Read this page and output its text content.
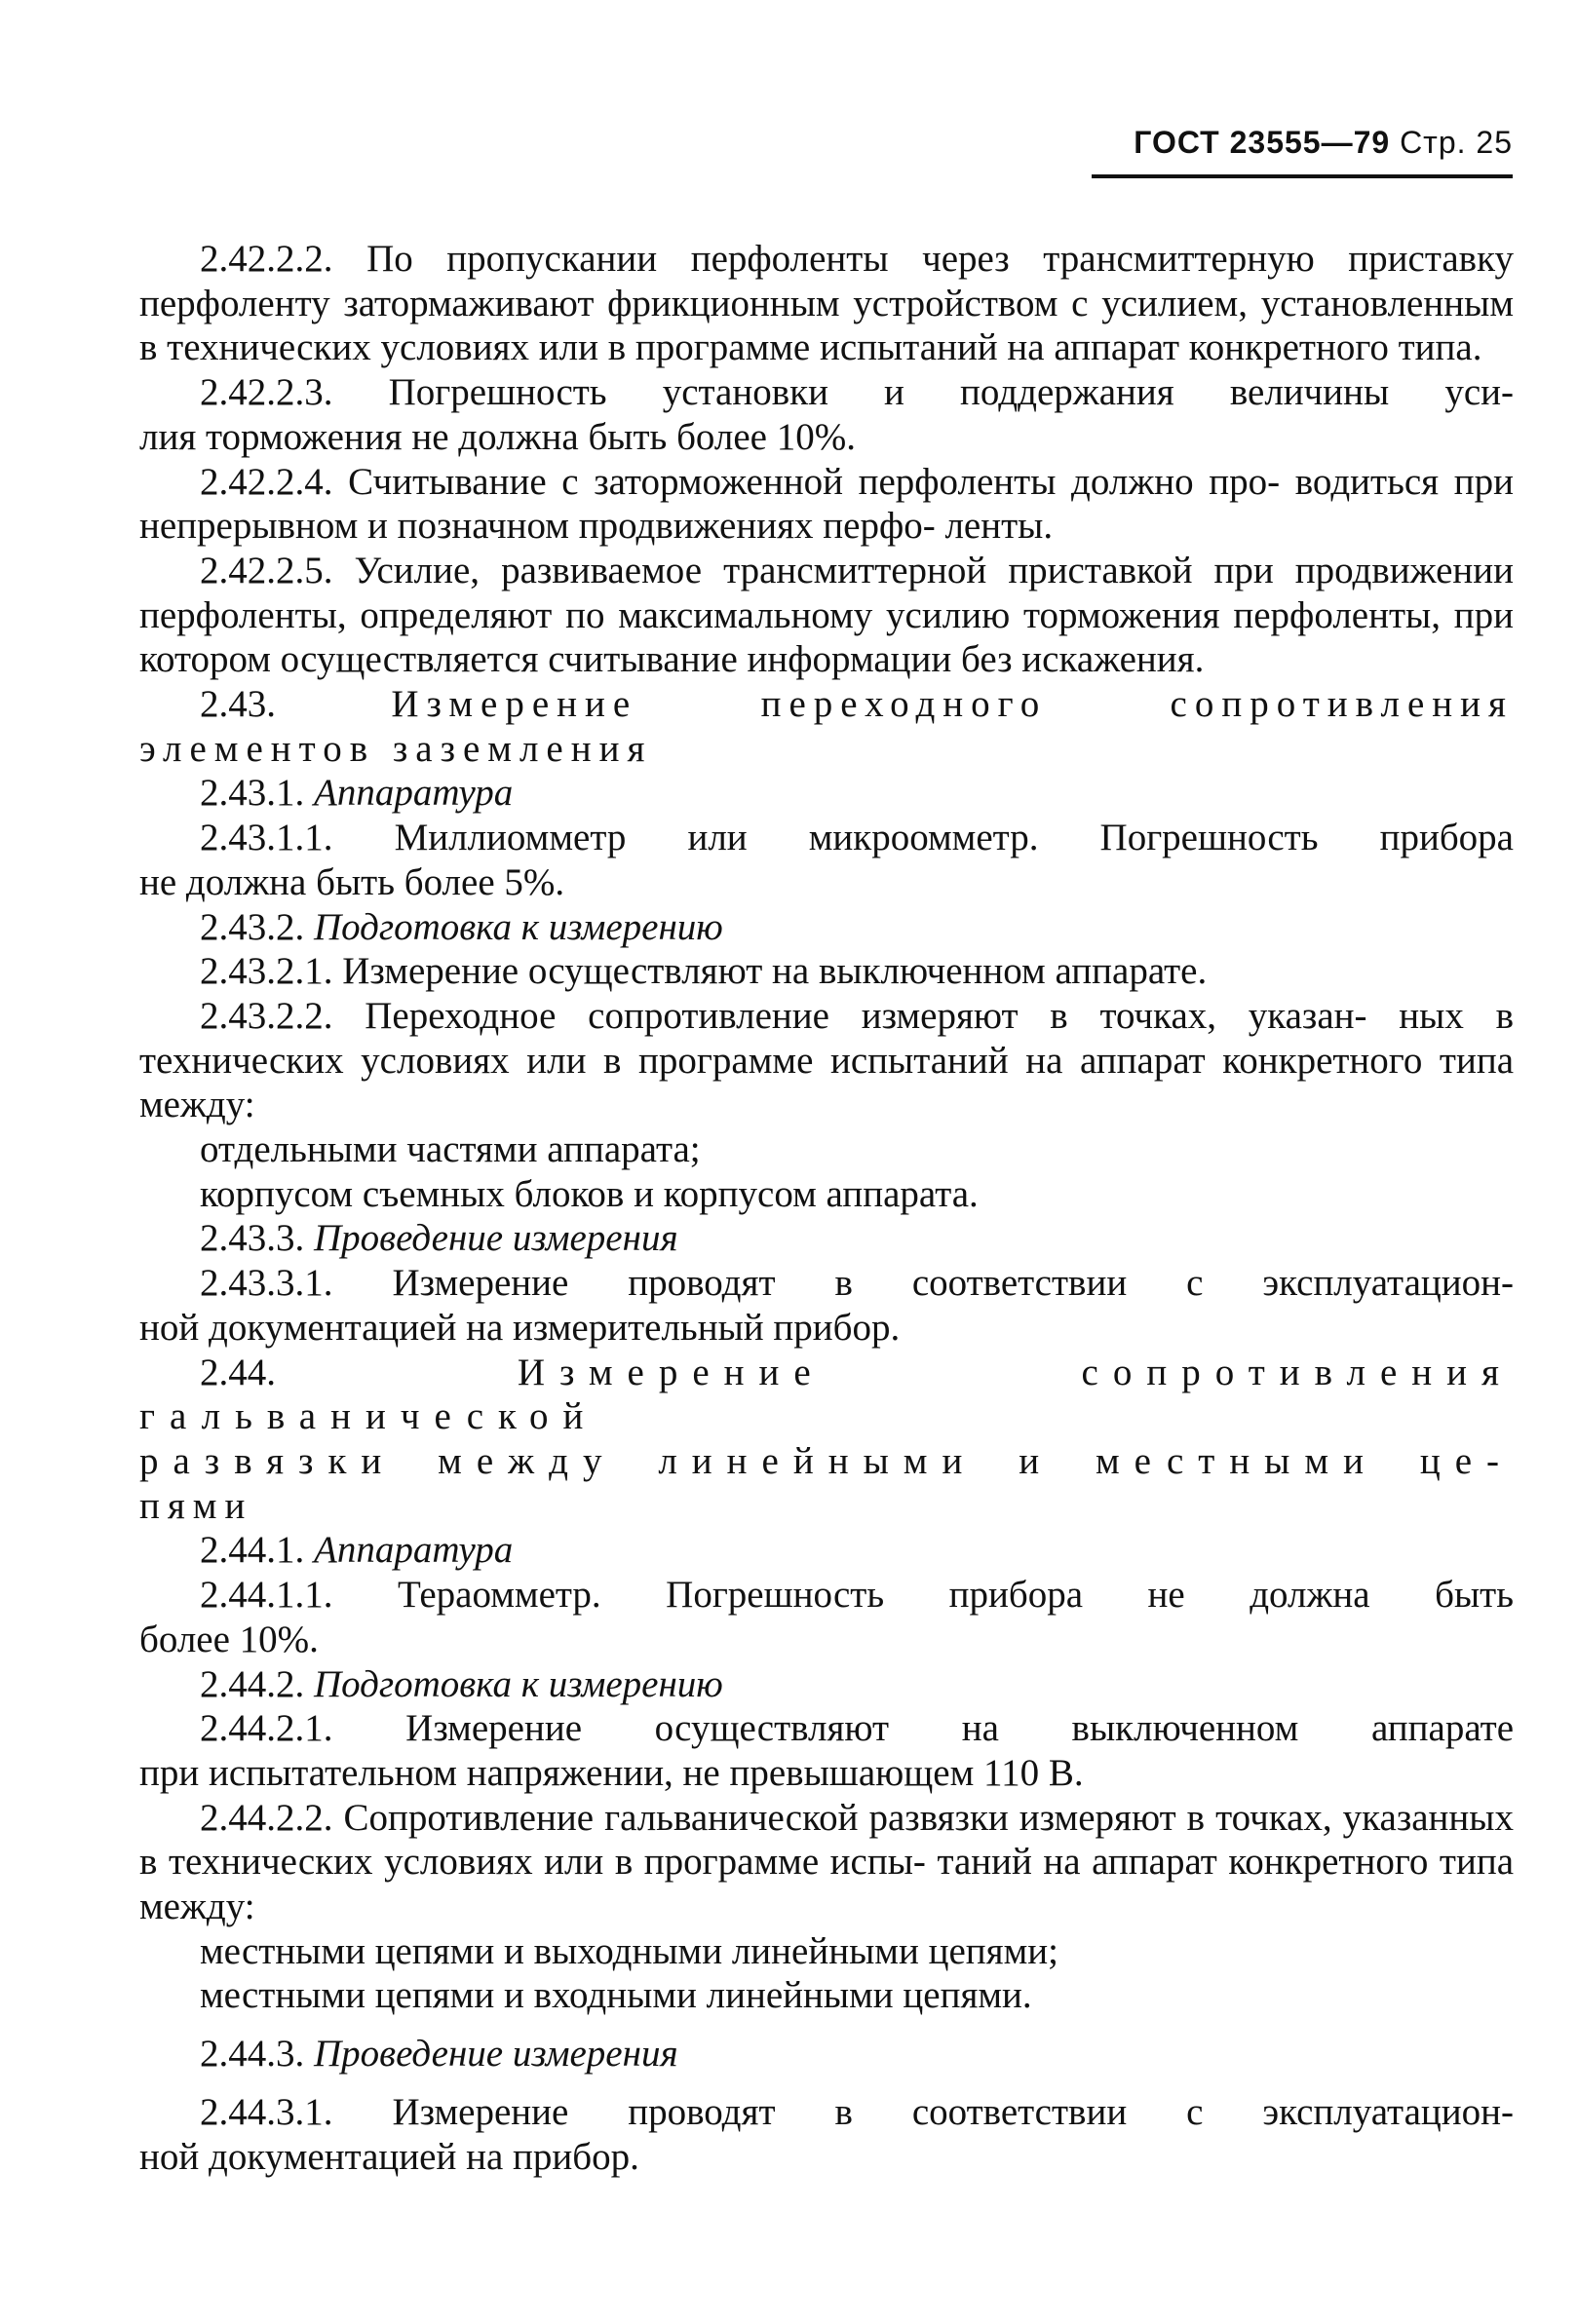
ГОСТ 23555—79 Стр. 25

2.42.2.2. По пропускании перфоленты через трансмиттерную приставку перфоленту затормаживают фрикционным устройством с усилием, установленным в технических условиях или в программе испытаний на аппарат конкретного типа.

2.42.2.3. Погрешность установки и поддержания величины уси-

лия торможения не должна быть более 10%.

2.42.2.4. Считывание с заторможенной перфоленты должно про- водиться при непрерывном и позначном продвижениях перфо- ленты.

2.42.2.5. Усилие, развиваемое трансмиттерной приставкой при продвижении перфоленты, определяют по максимальному усилию торможения перфоленты, при котором осуществляется считывание информации без искажения.

2.43.	Измерение переходного сопротивления

элементов заземления

2.43.1. Аппаратура

2.43.1.1. Миллиомметр или микроомметр. Погрешность прибора

не должна быть более 5%.

2.43.2. Подготовка к измерению

2.43.2.1. Измерение осуществляют на выключенном аппарате.

2.43.2.2. Переходное сопротивление измеряют в точках, указан- ных в технических условиях или в программе испытаний на аппарат конкретного типа между:

отдельными частями аппарата;

корпусом съемных блоков и корпусом аппарата.

2.43.3. Проведение измерения

2.43.3.1. Измерение проводят в соответствии с эксплуатацион-

ной документацией на измерительный прибор.

2.44.	Измерение сопротивления гальванической

развязки между линейными и местными це-

пями

2.44.1. Аппаратура

2.44.1.1. Тераомметр. Погрешность прибора не должна быть

более 10%.

2.44.2. Подготовка к измерению

2.44.2.1. Измерение осуществляют на выключенном аппарате

при испытательном напряжении, не превышающем 110 В.

2.44.2.2. Сопротивление гальванической развязки измеряют в точках, указанных в технических условиях или в программе испы- таний на аппарат конкретного типа между:

местными цепями и выходными линейными цепями;

местными цепями и входными линейными цепями.

2.44.3. Проведение измерения

2.44.3.1. Измерение проводят в соответствии с эксплуатацион-

ной документацией на прибор.
